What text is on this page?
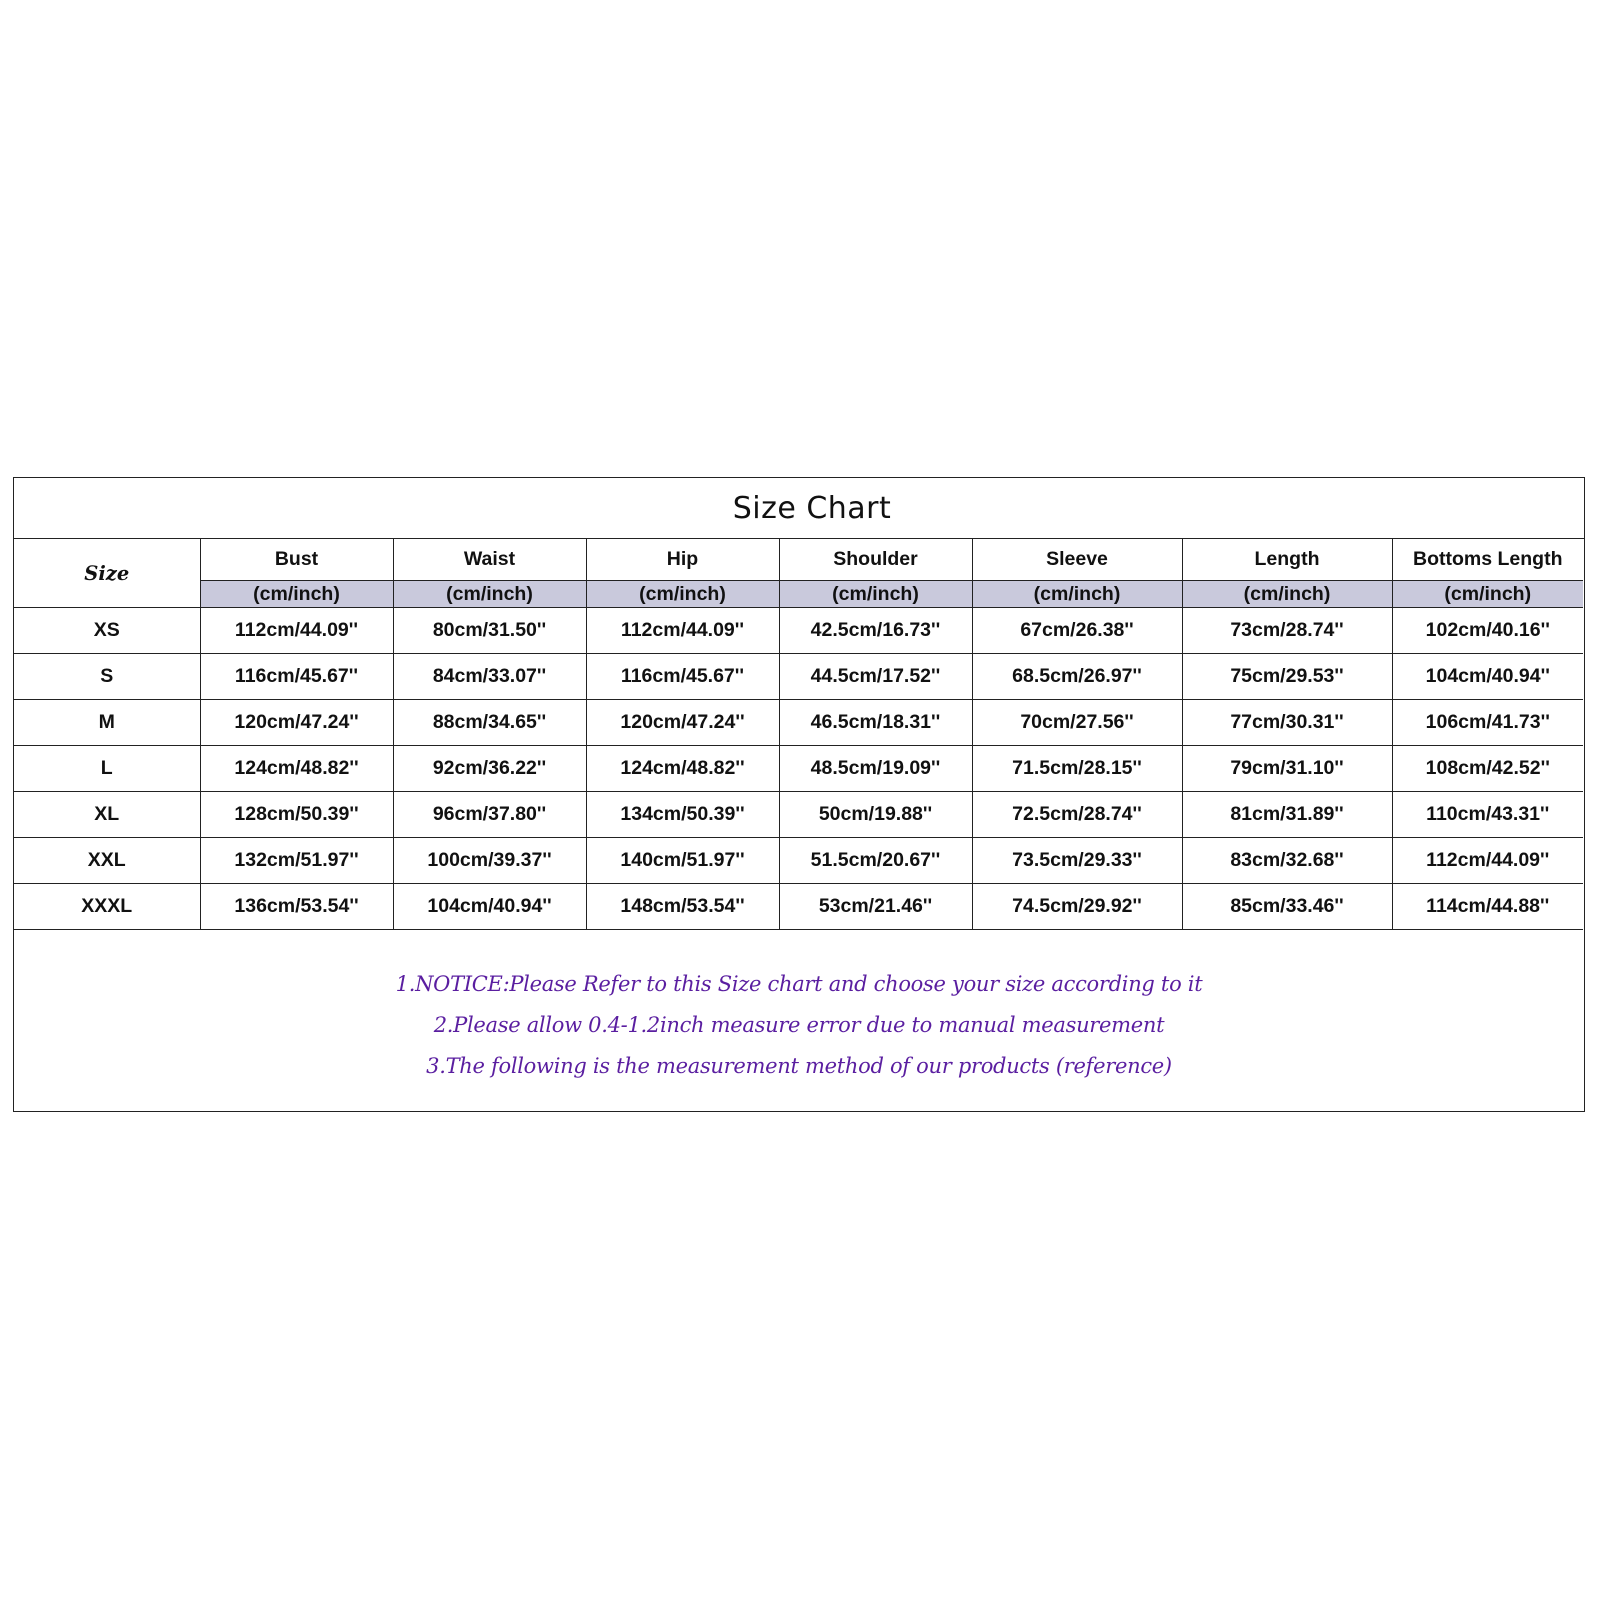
Size Chart
Size	Bust	Waist	Hip	Shoulder	Sleeve	Length	Bottoms Length
	(cm/inch)	(cm/inch)	(cm/inch)	(cm/inch)	(cm/inch)	(cm/inch)	(cm/inch)
XS	112cm/44.09''	80cm/31.50''	112cm/44.09''	42.5cm/16.73''	67cm/26.38''	73cm/28.74''	102cm/40.16''
S	116cm/45.67''	84cm/33.07''	116cm/45.67''	44.5cm/17.52''	68.5cm/26.97''	75cm/29.53''	104cm/40.94''
M	120cm/47.24''	88cm/34.65''	120cm/47.24''	46.5cm/18.31''	70cm/27.56''	77cm/30.31''	106cm/41.73''
L	124cm/48.82''	92cm/36.22''	124cm/48.82''	48.5cm/19.09''	71.5cm/28.15''	79cm/31.10''	108cm/42.52''
XL	128cm/50.39''	96cm/37.80''	134cm/50.39''	50cm/19.88''	72.5cm/28.74''	81cm/31.89''	110cm/43.31''
XXL	132cm/51.97''	100cm/39.37''	140cm/51.97''	51.5cm/20.67''	73.5cm/29.33''	83cm/32.68''	112cm/44.09''
XXXL	136cm/53.54''	104cm/40.94''	148cm/53.54''	53cm/21.46''	74.5cm/29.92''	85cm/33.46''	114cm/44.88''
1.NOTICE:Please Refer to this Size chart and choose your size according to it
2.Please allow 0.4-1.2inch measure error due to manual measurement
3.The following is the measurement method of our products (reference)
